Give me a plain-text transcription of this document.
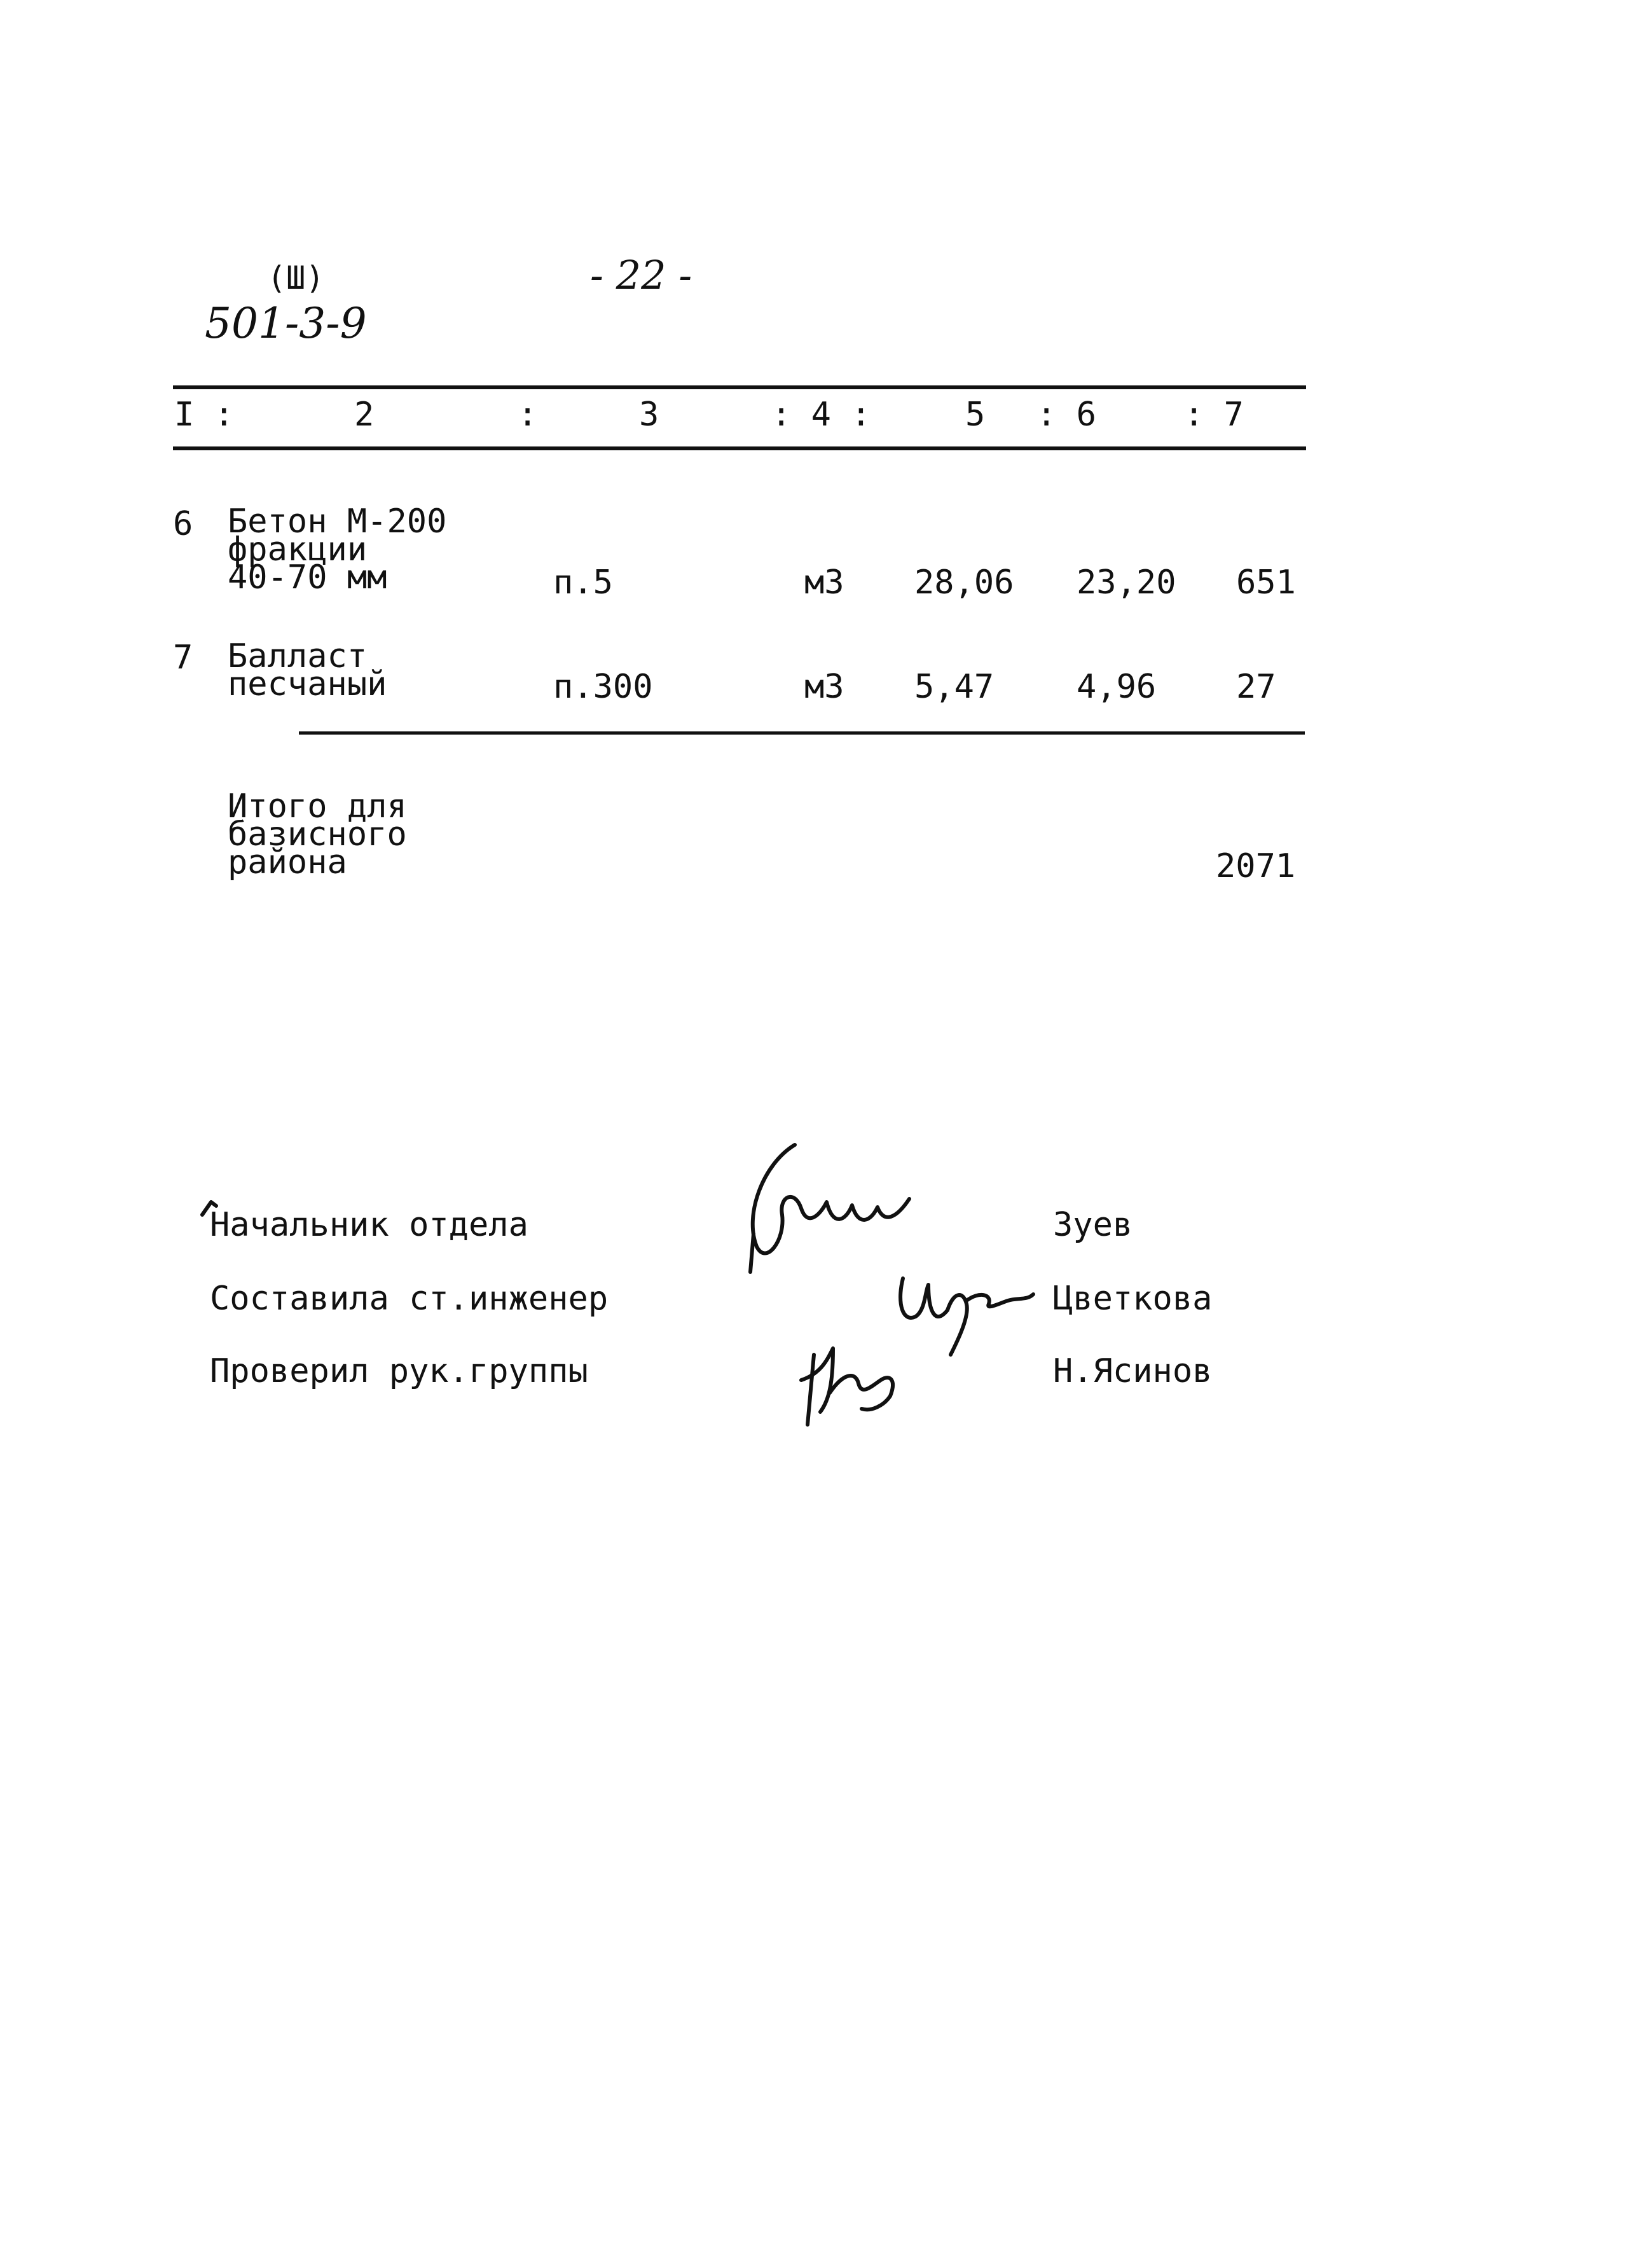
(Ш)
501-3-9
- 22 -
I :	2	:	3	: 4 :	5 : 6	: 7
6 Бетон М-200
фракции
40-70 мм	п.5	м3 28,06 23,20 651
7 Балласт
песчаный	п.300	м3 5,47 4,96 27
Итого для
базисного
района	2071
Начальник отдела	Зуев
Составила ст.инженер	Цветкова
Проверил рук.группы	Н.Ясинов
